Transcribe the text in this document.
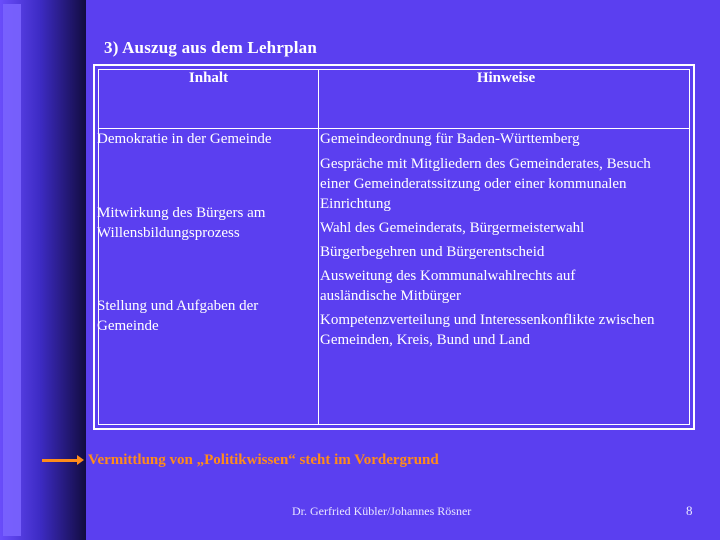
3) Auszug aus dem Lehrplan
Inhalt	Hinweise
Demokratie in der Gemeinde
Mitwirkung des Bürgers am Willensbildungsprozess
Stellung und Aufgaben der Gemeinde
Gemeindeordnung für Baden-Württemberg
Gespräche mit Mitgliedern des Gemeinderates, Besuch einer Gemeinderatssitzung oder einer kommunalen Einrichtung
Wahl des Gemeinderats, Bürgermeisterwahl
Bürgerbegehren und Bürgerentscheid
Ausweitung des Kommunalwahlrechts auf ausländische Mitbürger
Kompetenzverteilung und Interessenkonflikte zwischen Gemeinden, Kreis, Bund und Land
Vermittlung von „Politikwissen“ steht im Vordergrund
Dr. Gerfried Kübler/Johannes Rösner	8
